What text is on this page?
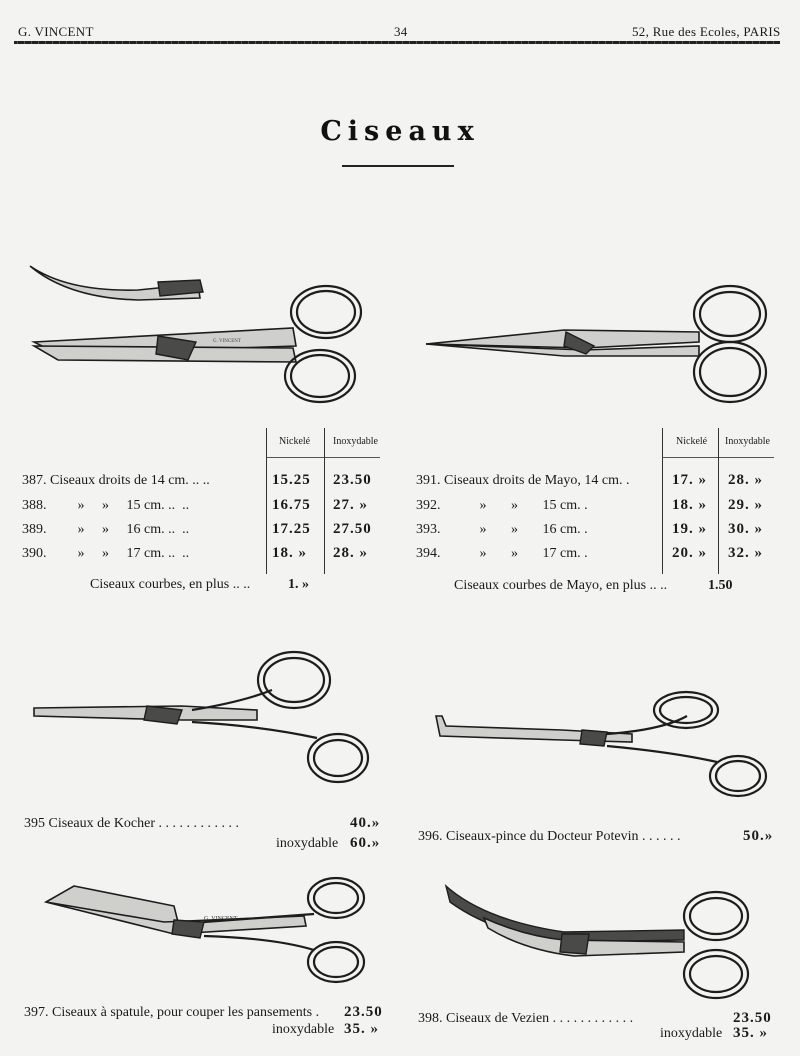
G. VINCENT	34	52, Rue des Ecoles, PARIS
Ciseaux
G. VINCENT
Nickelé Inoxydable
387. Ciseaux droits de 14 cm. .. ..	15.25 23.50
388. »     »     15 cm. ..  ..	16.75 27. »
389. »     »     16 cm. ..  ..	17.25 27.50
390. »     »     17 cm. ..  ..	18. » 28. »
Ciseaux courbes, en plus .. ..	1. »
Nickelé Inoxydable
391. Ciseaux droits de Mayo, 14 cm. .	17. » 28. »
392.	»       »       15 cm. .	18. » 29. »
393.	»       »       16 cm. .	19. » 30. »
394.	»       »       17 cm. .	20. » 32. »
Ciseaux courbes de Mayo, en plus .. ..	1.50
395 Ciseaux de Kocher . . . . . . . . . . . .	40.»
inoxydable 60.»	396. Ciseaux-pince du Docteur Potevin . . . . . .	50.»
G. VINCENT
397. Ciseaux à spatule, pour couper les pansements . 23.50
inoxydable 35. »
398. Ciseaux de Vezien . . . . . . . . . . . .	23.50
inoxydable 35. »
